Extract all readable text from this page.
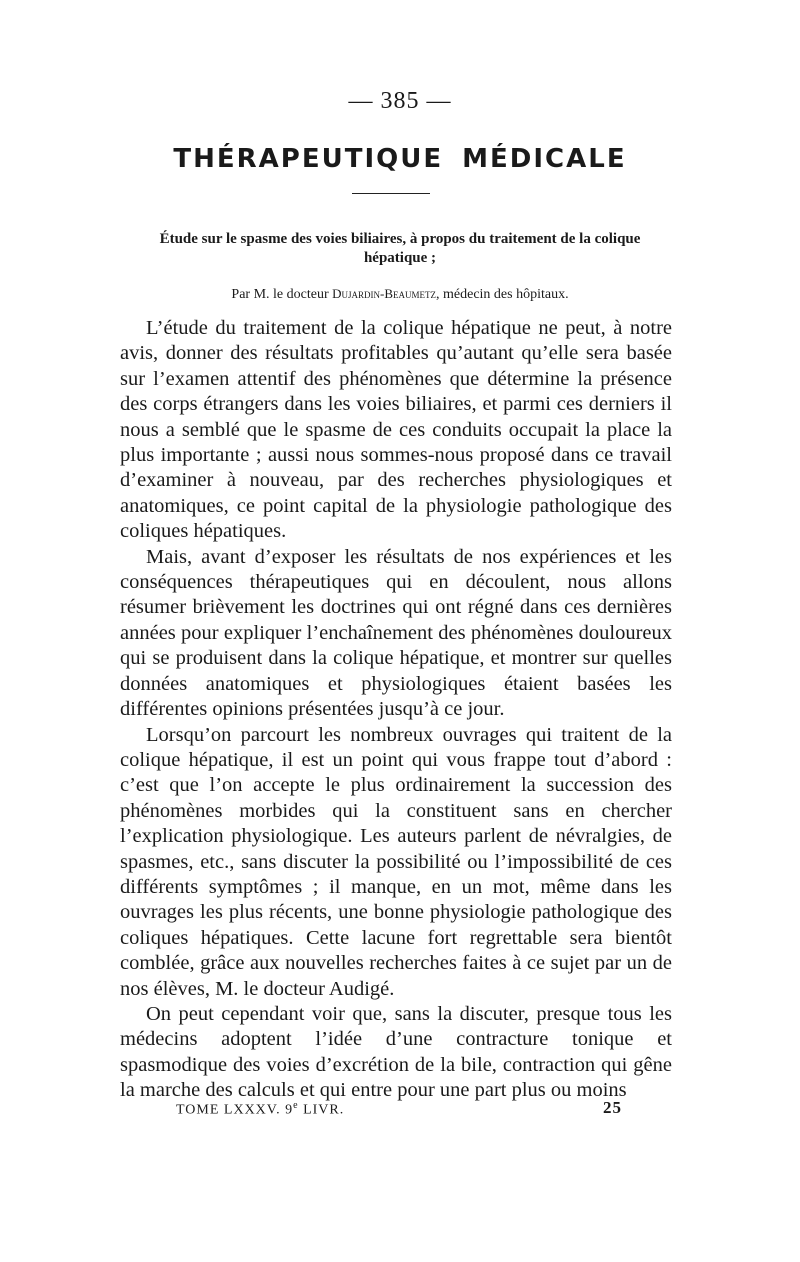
— 385 —
THÉRAPEUTIQUE MÉDICALE
Étude sur le spasme des voies biliaires, à propos du traitement de la colique hépatique ;
Par M. le docteur Dujardin-Beaumetz, médecin des hôpitaux.

L’étude du traitement de la colique hépatique ne peut, à notre avis, donner des résultats profitables qu’autant qu’elle sera basée sur l’examen attentif des phénomènes que détermine la présence des corps étrangers dans les voies biliaires, et parmi ces derniers il nous a semblé que le spasme de ces conduits occupait la place la plus importante ; aussi nous sommes-nous proposé dans ce travail d’examiner à nouveau, par des recherches physiologiques et anatomiques, ce point capital de la physiologie pathologique des coliques hépatiques.

Mais, avant d’exposer les résultats de nos expériences et les conséquences thérapeutiques qui en découlent, nous allons résumer brièvement les doctrines qui ont régné dans ces dernières années pour expliquer l’enchaînement des phénomènes douloureux qui se produisent dans la colique hépatique, et montrer sur quelles données anatomiques et physiologiques étaient basées les différentes opinions présentées jusqu’à ce jour.

Lorsqu’on parcourt les nombreux ouvrages qui traitent de la colique hépatique, il est un point qui vous frappe tout d’abord : c’est que l’on accepte le plus ordinairement la succession des phénomènes morbides qui la constituent sans en chercher l’explication physiologique. Les auteurs parlent de névralgies, de spasmes, etc., sans discuter la possibilité ou l’impossibilité de ces différents symptômes ; il manque, en un mot, même dans les ouvrages les plus récents, une bonne physiologie pathologique des coliques hépatiques. Cette lacune fort regrettable sera bientôt comblée, grâce aux nouvelles recherches faites à ce sujet par un de nos élèves, M. le docteur Audigé.

On peut cependant voir que, sans la discuter, presque tous les médecins adoptent l’idée d’une contracture tonique et spasmodique des voies d’excrétion de la bile, contraction qui gêne la marche des calculs et qui entre pour une part plus ou moins

TOME LXXXV. 9e LIVR.	25
